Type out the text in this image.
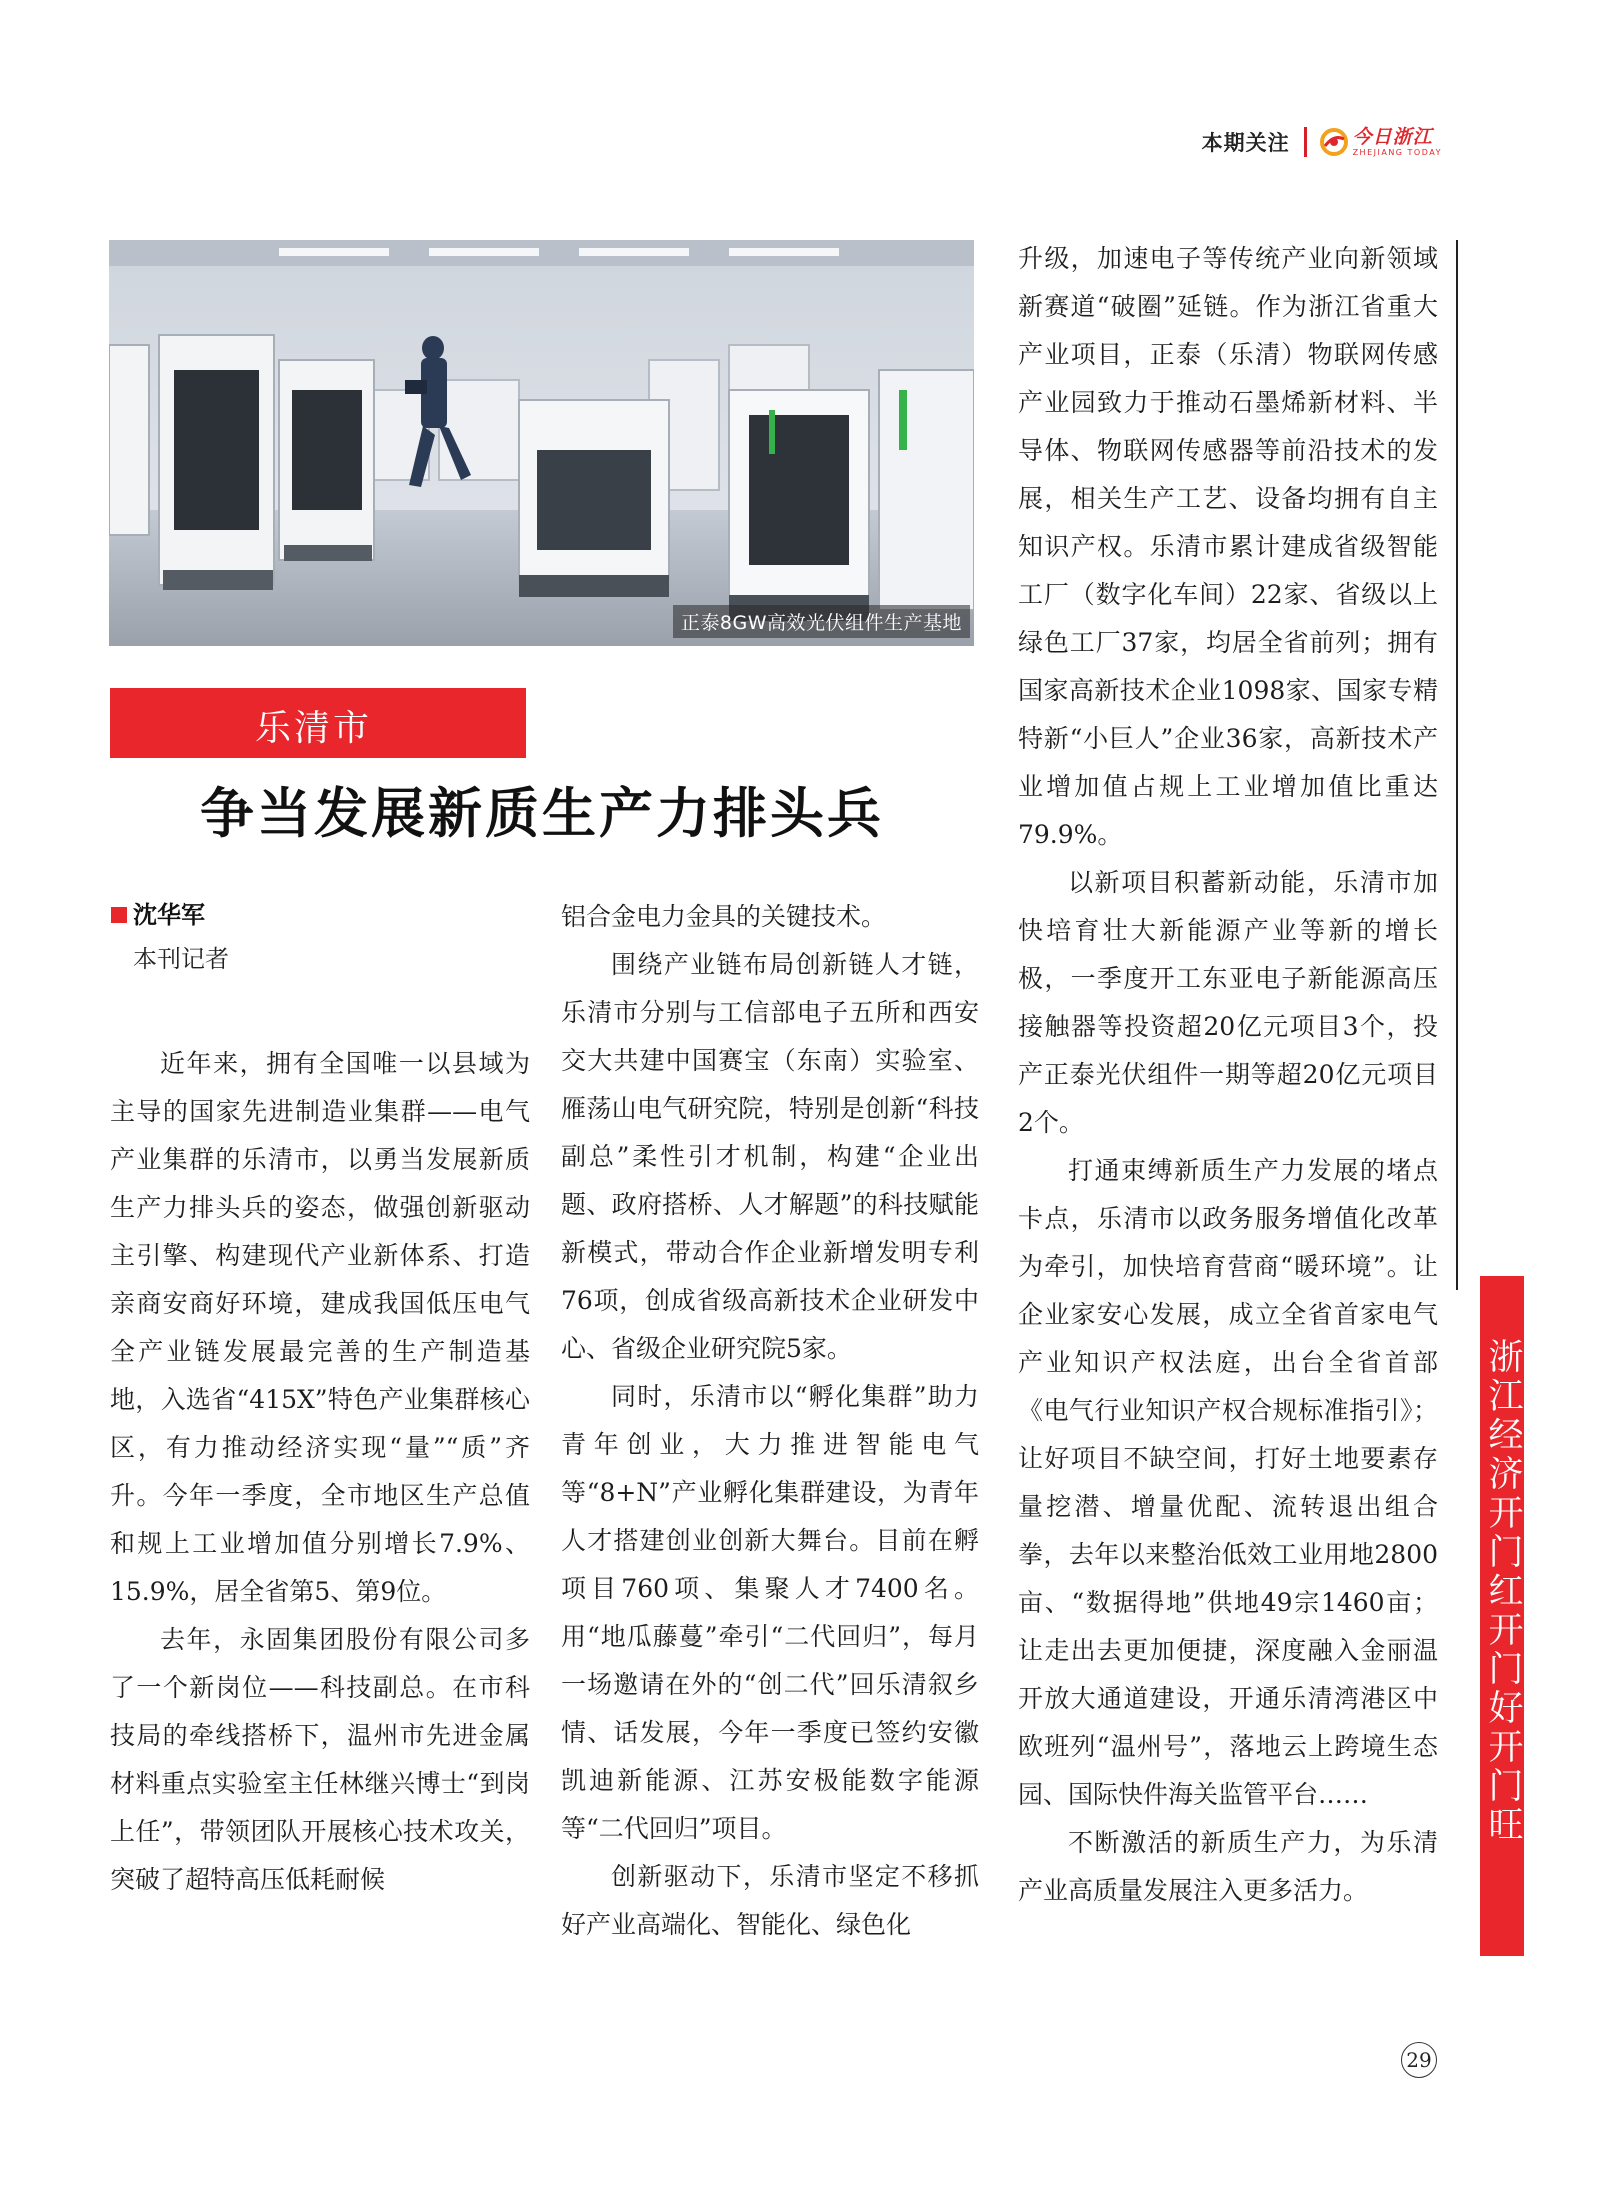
本期关注	今日浙江
ZHEJIANG TODAY
正泰8GW高效光伏组件生产基地
乐清市
争当发展新质生产力排头兵
沈华军
本刊记者

近年来，拥有全国唯一以县域为主导的国家先进制造业集群——电气产业集群的乐清市，以勇当发展新质生产力排头兵的姿态，做强创新驱动主引擎、构建现代产业新体系、打造亲商安商好环境，建成我国低压电气全产业链发展最完善的生产制造基地，入选省“415X”特色产业集群核心区，有力推动经济实现“量”“质”齐升。今年一季度，全市地区生产总值和规上工业增加值分别增长7.9%、15.9%，居全省第5、第9位。

去年，永固集团股份有限公司多了一个新岗位——科技副总。在市科技局的牵线搭桥下，温州市先进金属材料重点实验室主任林继兴博士“到岗上任”，带领团队开展核心技术攻关，突破了超特高压低耗耐候

铝合金电力金具的关键技术。

围绕产业链布局创新链人才链，乐清市分别与工信部电子五所和西安交大共建中国赛宝（东南）实验室、雁荡山电气研究院，特别是创新“科技副总”柔性引才机制，构建“企业出题、政府搭桥、人才解题”的科技赋能新模式，带动合作企业新增发明专利76项，创成省级高新技术企业研发中心、省级企业研究院5家。

同时，乐清市以“孵化集群”助力青年创业，大力推进智能电气等“8+N”产业孵化集群建设，为青年人才搭建创业创新大舞台。目前在孵项目760项、集聚人才7400名。用“地瓜藤蔓”牵引“二代回归”，每月一场邀请在外的“创二代”回乐清叙乡情、话发展，今年一季度已签约安徽凯迪新能源、江苏安极能数字能源等“二代回归”项目。

创新驱动下，乐清市坚定不移抓好产业高端化、智能化、绿色化

升级，加速电子等传统产业向新领域新赛道“破圈”延链。作为浙江省重大产业项目，正泰（乐清）物联网传感产业园致力于推动石墨烯新材料、半导体、物联网传感器等前沿技术的发展，相关生产工艺、设备均拥有自主知识产权。乐清市累计建成省级智能工厂（数字化车间）22家、省级以上绿色工厂37家，均居全省前列；拥有国家高新技术企业1098家、国家专精特新“小巨人”企业36家，高新技术产业增加值占规上工业增加值比重达79.9%。

以新项目积蓄新动能，乐清市加快培育壮大新能源产业等新的增长极，一季度开工东亚电子新能源高压接触器等投资超20亿元项目3个，投产正泰光伏组件一期等超20亿元项目2个。

打通束缚新质生产力发展的堵点卡点，乐清市以政务服务增值化改革为牵引，加快培育营商“暖环境”。让企业家安心发展，成立全省首家电气产业知识产权法庭，出台全省首部《电气行业知识产权合规标准指引》；让好项目不缺空间，打好土地要素存量挖潜、增量优配、流转退出组合拳，去年以来整治低效工业用地2800亩、“数据得地”供地49宗1460亩；让走出去更加便捷，深度融入金丽温开放大通道建设，开通乐清湾港区中欧班列“温州号”，落地云上跨境生态园、国际快件海关监管平台……

不断激活的新质生产力，为乐清产业高质量发展注入更多活力。

浙江经济开门红开门好开门旺
29
